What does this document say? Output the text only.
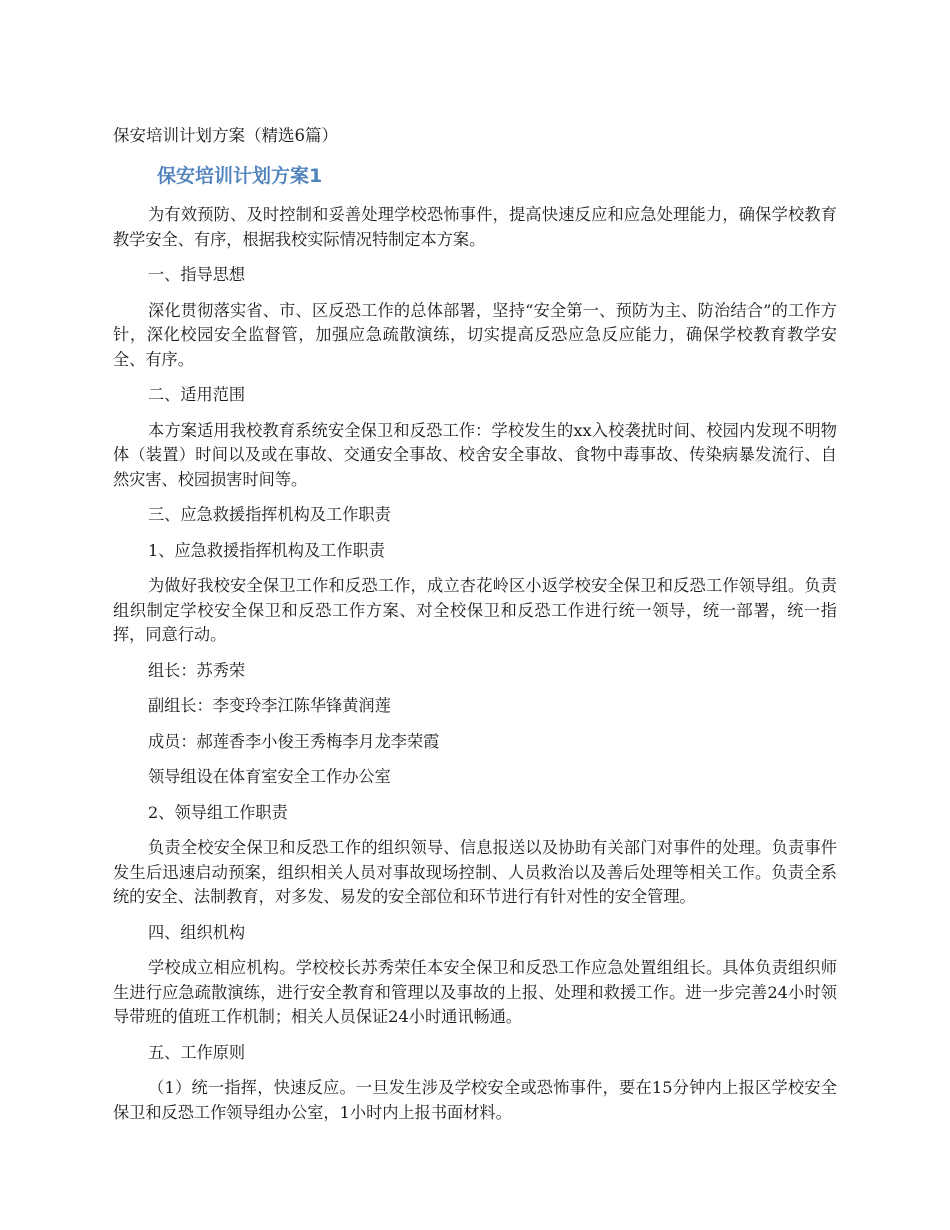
保安培训计划方案（精选6篇）
保安培训计划方案1

为有效预防、及时控制和妥善处理学校恐怖事件，提高快速反应和应急处理能力，确保学校教育教学安全、有序，根据我校实际情况特制定本方案。

一、指导思想

深化贯彻落实省、市、区反恐工作的总体部署，坚持“安全第一、预防为主、防治结合”的工作方针，深化校园安全监督管，加强应急疏散演练，切实提高反恐应急反应能力，确保学校教育教学安全、有序。

二、适用范围

本方案适用我校教育系统安全保卫和反恐工作：学校发生的xx入校袭扰时间、校园内发现不明物体（装置）时间以及或在事故、交通安全事故、校舍安全事故、食物中毒事故、传染病暴发流行、自然灾害、校园损害时间等。

三、应急救援指挥机构及工作职责

1、应急救援指挥机构及工作职责

为做好我校安全保卫工作和反恐工作，成立杏花岭区小返学校安全保卫和反恐工作领导组。负责组织制定学校安全保卫和反恐工作方案、对全校保卫和反恐工作进行统一领导，统一部署，统一指挥，同意行动。

组长：苏秀荣

副组长：李变玲李江陈华锋黄润莲

成员：郝莲香李小俊王秀梅李月龙李荣霞

领导组设在体育室安全工作办公室

2、领导组工作职责

负责全校安全保卫和反恐工作的组织领导、信息报送以及协助有关部门对事件的处理。负责事件发生后迅速启动预案，组织相关人员对事故现场控制、人员救治以及善后处理等相关工作。负责全系统的安全、法制教育，对多发、易发的安全部位和环节进行有针对性的安全管理。

四、组织机构

学校成立相应机构。学校校长苏秀荣任本安全保卫和反恐工作应急处置组组长。具体负责组织师生进行应急疏散演练，进行安全教育和管理以及事故的上报、处理和救援工作。进一步完善24小时领导带班的值班工作机制；相关人员保证24小时通讯畅通。

五、工作原则

（1）统一指挥，快速反应。一旦发生涉及学校安全或恐怖事件，要在15分钟内上报区学校安全保卫和反恐工作领导组办公室，1小时内上报书面材料。
